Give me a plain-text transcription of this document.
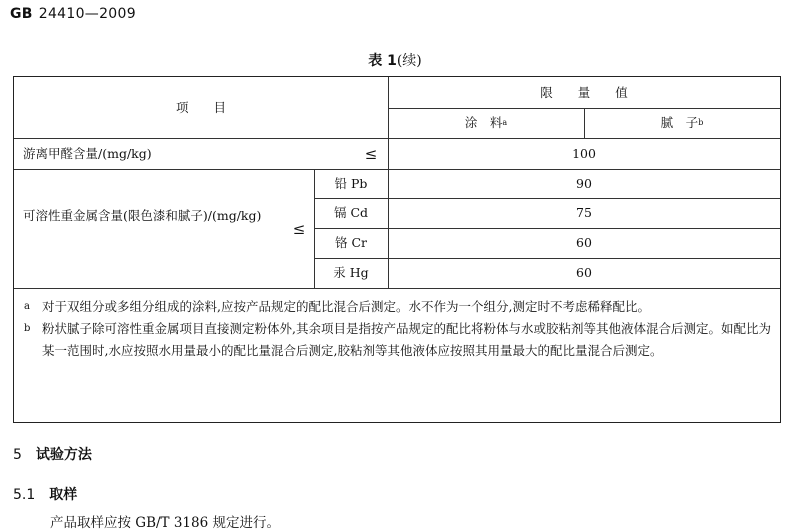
GB 24410—2009
表 1(续)
项　　目
限　　量　　值
涂　料 a	腻　子 b
游离甲醛含量/(mg/kg)	≤	100
可溶性重金属含量(限色漆和腻子)/(mg/kg)
≤
铅 Pb	90
镉 Cd	75
铬 Cr	60
汞 Hg	60
a 对于双组分或多组分组成的涂料,应按产品规定的配比混合后测定。水不作为一个组分,测定时不考虑稀释配比。
b 粉状腻子除可溶性重金属项目直接测定粉体外,其余项目是指按产品规定的配比将粉体与水或胶粘剂等其他液体混合后测定。如配比为某一范围时,水应按照水用量最小的配比量混合后测定,胶粘剂等其他液体应按照其用量最大的配比量混合后测定。
5 试验方法
5.1 取样
产品取样应按 GB/T 3186 规定进行。
